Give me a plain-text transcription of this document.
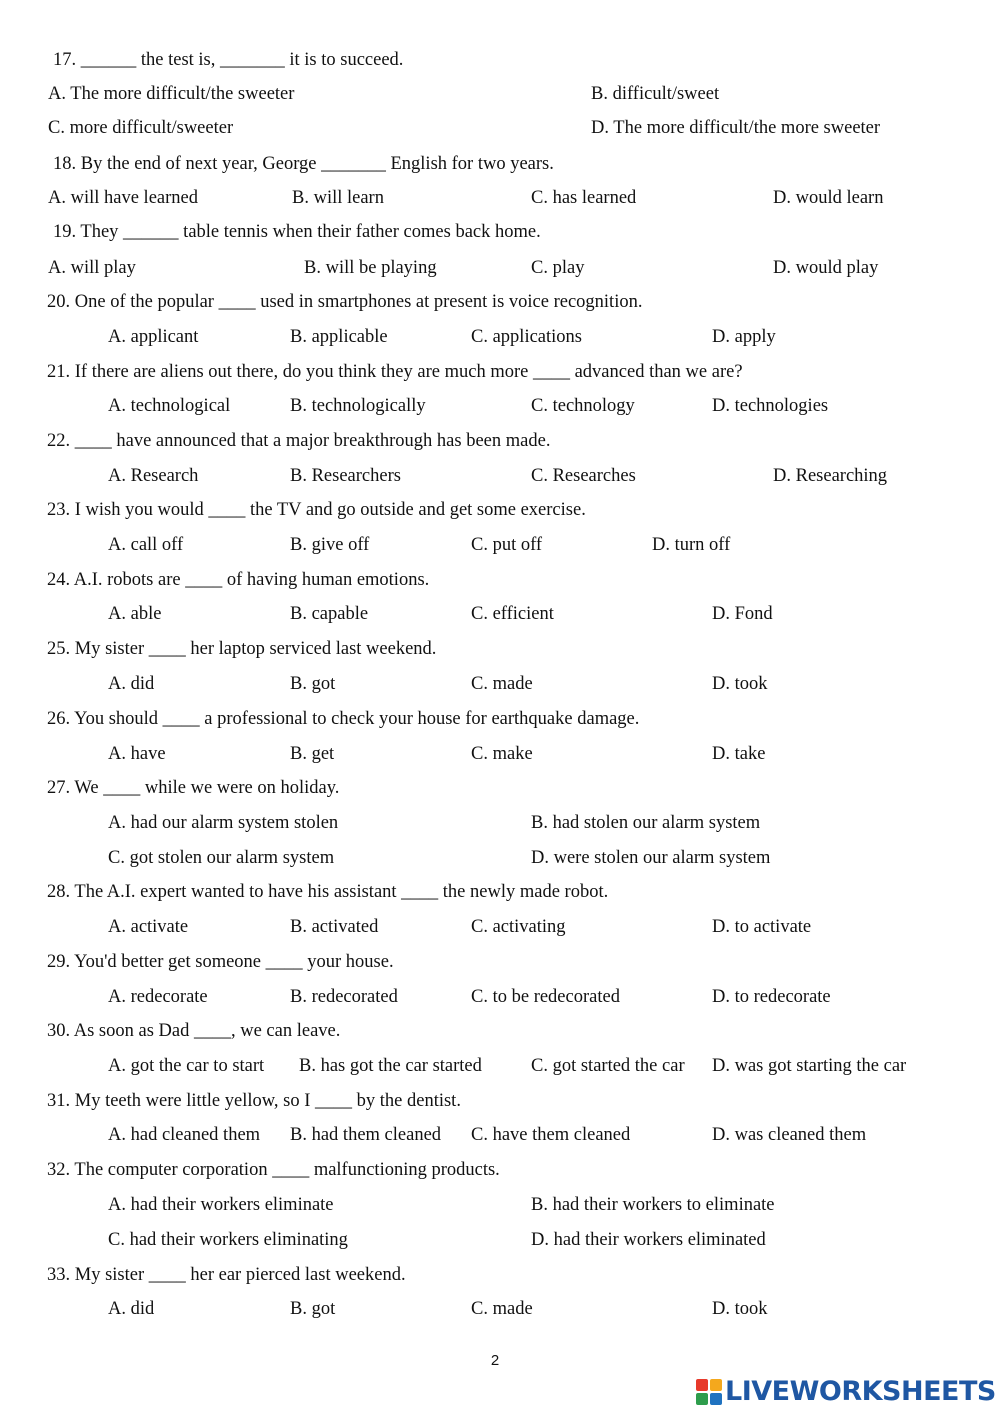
2
LIVEWORKSHEETS
17. ______ the test is, _______ it is to succeed.
A. The more difficult/the sweeter	B. difficult/sweet
C. more difficult/sweeter	D. The more difficult/the more sweeter
18. By the end of next year, George _______ English for two years.
A. will have learned	B. will learn	C. has learned	D. would learn
19. They ______ table tennis when their father comes back home.
A. will play	B. will be playing	C. play	D. would play
20. One of the popular ____ used in smartphones at present is voice recognition.
A. applicant	B. applicable	C. applications	D. apply
21. If there are aliens out there, do you think they are much more ____ advanced than we are?
A. technological	B. technologically	C. technology	D. technologies
22. ____ have announced that a major breakthrough has been made.
A. Research	B. Researchers	C. Researches	D. Researching
23. I wish you would ____ the TV and go outside and get some exercise.
A. call off	B. give off	C. put off	D. turn off
24. A.I. robots are ____ of having human emotions.
A. able	B. capable	C. efficient	D. Fond
25. My sister ____ her laptop serviced last weekend.
A. did	B. got	C. made	D. took
26. You should ____ a professional to check your house for earthquake damage.
A. have	B. get	C. make	D. take
27. We ____ while we were on holiday.
A. had our alarm system stolen	B. had stolen our alarm system
C. got stolen our alarm system	D. were stolen our alarm system
28. The A.I. expert wanted to have his assistant ____ the newly made robot.
A. activate	B. activated	C. activating	D. to activate
29. You'd better get someone ____ your house.
A. redecorate	B. redecorated	C. to be redecorated	D. to redecorate
30. As soon as Dad ____, we can leave.
A. got the car to start B. has got the car started	C. got started the car D. was got starting the car
31. My teeth were little yellow, so I ____ by the dentist.
A. had cleaned them B. had them cleaned C. have them cleaned	D. was cleaned them
32. The computer corporation ____ malfunctioning products.
A. had their workers eliminate	B. had their workers to eliminate
C. had their workers eliminating	D. had their workers eliminated
33. My sister ____ her ear pierced last weekend.
A. did	B. got	C. made	D. took
